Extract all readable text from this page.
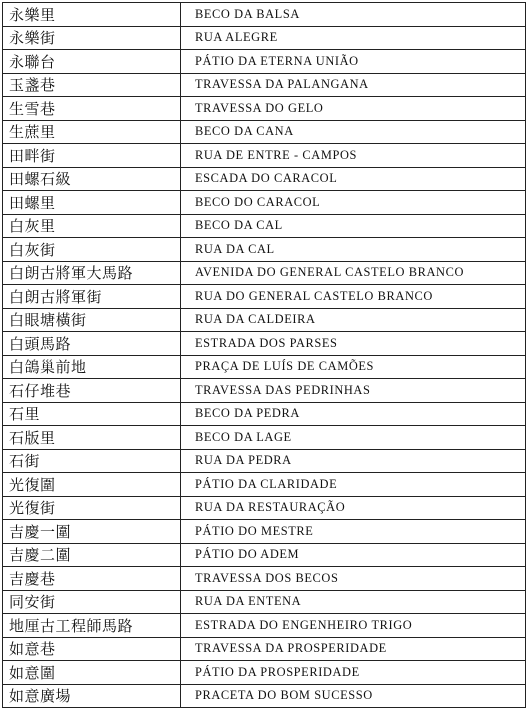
永樂里	BECO DA BALSA
永樂街	RUA ALEGRE
永聯台	PÁTIO DA ETERNA UNIÃO
玉盞巷	TRAVESSA DA PALANGANA
生雪巷	TRAVESSA DO GELO
生蔗里	BECO DA CANA
田畔街	RUA DE ENTRE - CAMPOS
田螺石級	ESCADA DO CARACOL
田螺里	BECO DO CARACOL
白灰里	BECO DA CAL
白灰街	RUA DA CAL
白朗古將軍大馬路	AVENIDA DO GENERAL CASTELO BRANCO
白朗古將軍街	RUA DO GENERAL CASTELO BRANCO
白眼塘橫街	RUA DA CALDEIRA
白頭馬路	ESTRADA DOS PARSES
白鴿巢前地	PRAÇA DE LUÍS DE CAMÕES
石仔堆巷	TRAVESSA DAS PEDRINHAS
石里	BECO DA PEDRA
石版里	BECO DA LAGE
石街	RUA DA PEDRA
光復圍	PÁTIO DA CLARIDADE
光復街	RUA DA RESTAURAÇÃO
吉慶一圍	PÁTIO DO MESTRE
吉慶二圍	PÁTIO DO ADEM
吉慶巷	TRAVESSA DOS BECOS
同安街	RUA DA ENTENA
地厘古工程師馬路	ESTRADA DO ENGENHEIRO TRIGO
如意巷	TRAVESSA DA PROSPERIDADE
如意圍	PÁTIO DA PROSPERIDADE
如意廣場	PRACETA DO BOM SUCESSO
